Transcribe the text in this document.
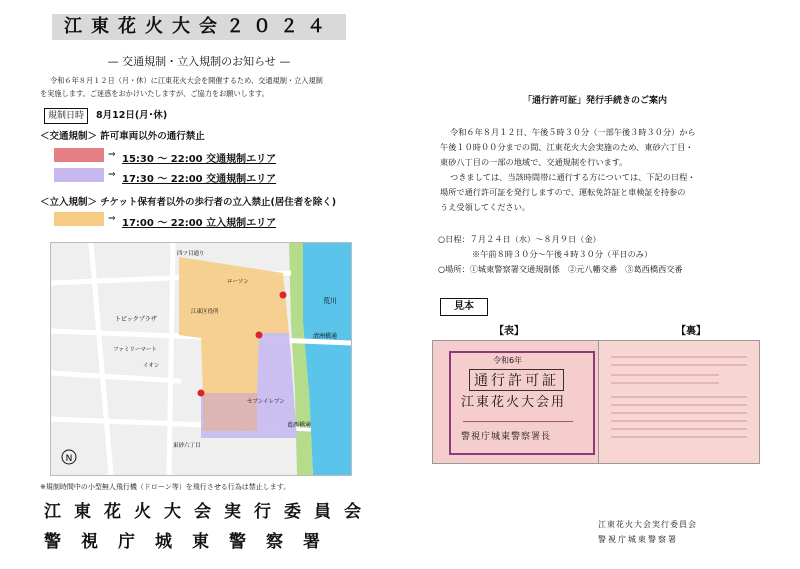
江東花火大会２０２４
— 交通規制・立入規制のお知らせ —
令和６年８月１２日（月・休）に江東花火大会を開催するため、交通規制・立入規制
を実施します。ご迷惑をおかけいたしますが、ご協力をお願いします。
規制日時	8月12日(月･休)
＜交通規制＞ 許可車両以外の通行禁止
⇒ 15:30 ～ 22:00 交通規制エリア
⇒ 17:30 ～ 22:00 交通規制エリア
＜立入規制＞ チケット保有者以外の歩行者の立入禁止(居住者を除く)
⇒ 17:00 ～ 22:00 立入規制エリア
N
清洲橋通
葛西橋通
荒川
トピックプラザ
ファミリーマート
セブンイレブン
ローソン
イオン
江東区役所
東砂六丁目
四ツ目通り
※規制時間中の小型無人飛行機（ドローン等）を飛行させる行為は禁止します。
江東花火大会実行委員会
警視庁城東警察署
「通行許可証」発行手続きのご案内
令和６年８月１２日、午後５時３０分（一部午後３時３０分）から
午後１０時００分までの間、江東花火大会実施のため、東砂六丁目・
東砂八丁目の一部の地域で、交通規制を行います。
つきましては、当該時間帯に通行する方については、下記の日程・
場所で通行許可証を発行しますので、運転免許証と車検証を持参の
うえ受領してください。
○日程：７月２４日（水）～８月９日（金）
※午前８時３０分～午後４時３０分（平日のみ）
○場所：①城東警察署交通規制係　②元八幡交番　③葛西橋西交番
見本
【表】	【裏】
令和6年
通行許可証
江東花火大会用
警視庁城東警察署長
江東花火大会実行委員会
警視庁城東警察署
